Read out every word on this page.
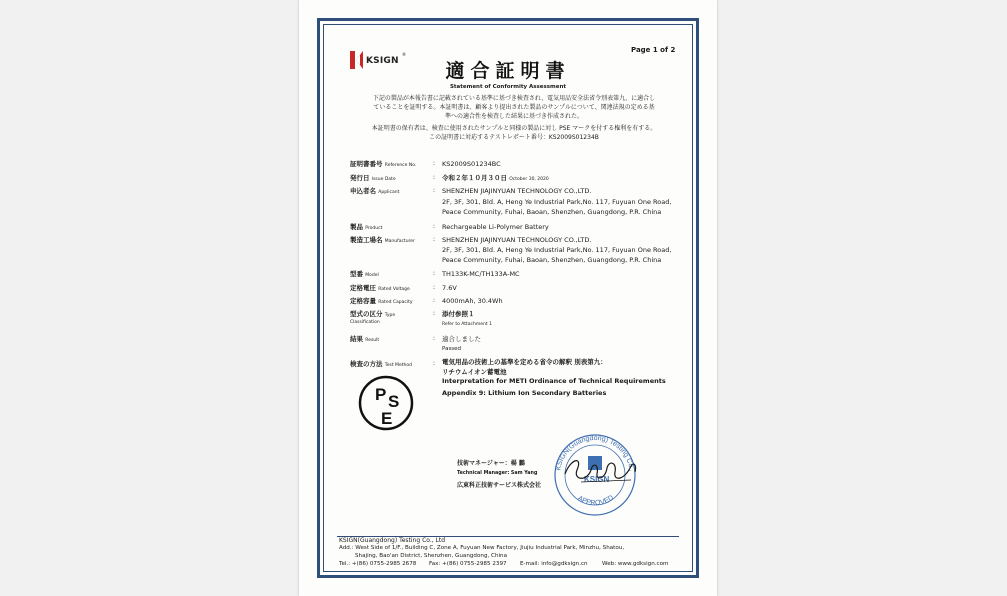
Page 1 of 2
KSIGN
®
適合証明書
Statement of Conformity Assessment
下記の製品が本報告書に記載されている基準に基づき検査され、電気用品安全法省令別表第九、に適合し
ていることを証明する。本証明書は、顧客より提出された製品のサンプルについて、関連法規の定める基
準への適合性を検査した結果に基づき作成された。
本証明書の保有者は、検査に使用されたサンプルと同様の製品に対し PSE マークを付する権利を有する。
この証明書に対応するテストレポート番号：KS2009S01234B
証明書番号 Reference No.	: KS2009S01234BC
発行日 Issue Date	: 令和２年１０月３０日 October 30, 2020
申込者名 Applicant	: SHENZHEN JIAJINYUAN TECHNOLOGY CO.,LTD.
2F, 3F, 301, Bld. A, Heng Ye Industrial Park,No. 117, Fuyuan One Road,
Peace Community, Fuhai, Baoan, Shenzhen, Guangdong, P.R. China
製品 Product	: Rechargeable Li-Polymer Battery
製造工場名 Manufacturer	: SHENZHEN JIAJINYUAN TECHNOLOGY CO.,LTD.
2F, 3F, 301, Bld. A, Heng Ye Industrial Park,No. 117, Fuyuan One Road,
Peace Community, Fuhai, Baoan, Shenzhen, Guangdong, P.R. China
型番 Model	: TH133K-MC/TH133A-MC
定格電圧 Rated Voltage	: 7.6V
定格容量 Rated Capacity	: 4000mAh, 30.4Wh
型式の区分 Type
Classification
: 添付参照１
Refer to Attachment 1
結果 Result	: 適合しました
Passed
検査の方法 Test Method	: 電気用品の技術上の基準を定める省令の解釈 別表第九：
リチウムイオン蓄電池
Interpretation for METI Ordinance of Technical Requirements
Appendix 9: Lithium Ion Secondary Batteries
P S
E
技術マネージャー：楊 鵬
Technical Manager: Sam Yang
広東科正技術サービス株式会社
KSIGN(Guangdong) Testing Co.,
KSIGN
APPROVED
KSIGN(Guangdong) Testing Co., Ltd
Add.: West Side of 1/F., Building C, Zone A, Fuyuan New Factory, Jiujiu Industrial Park, Minzhu, Shatou,
Shajing, Bao'an District, Shenzhen, Guangdong, China
Tel.: +(86) 0755-2985 2678 Fax: +(86) 0755-2985 2397 E-mail: info@gdksign.cn	Web: www.gdksign.com
